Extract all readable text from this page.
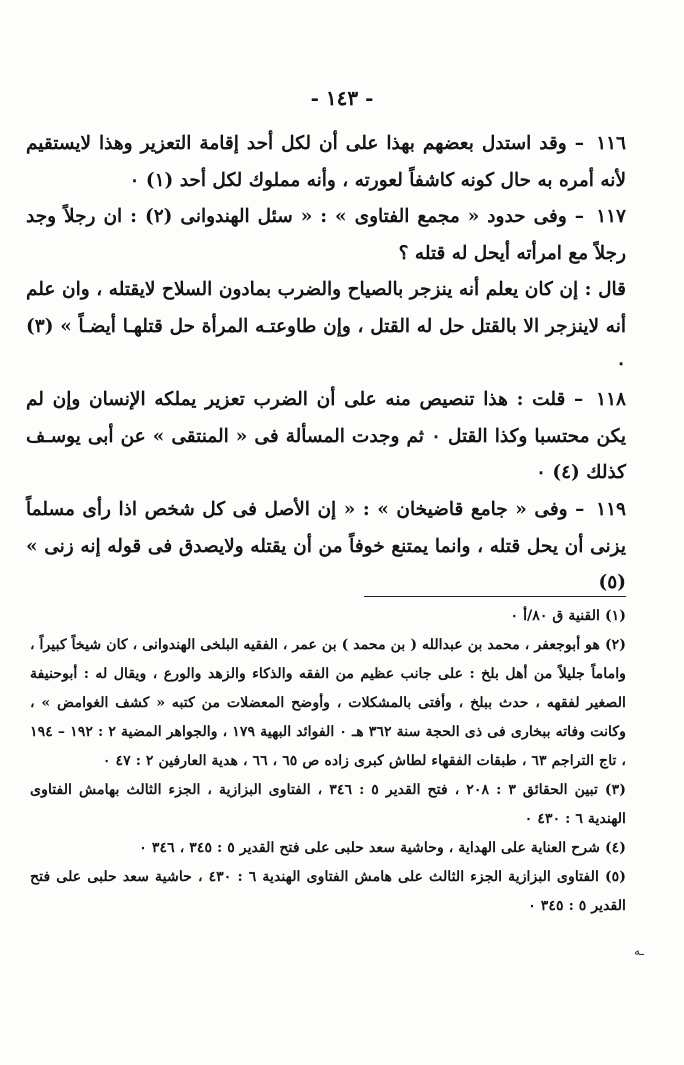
- ١٤٣ -

١١٦ – وقد استدل بعضهم بهذا على أن لكل أحد إقامة التعزير وهذا لايستقيم لأنه أمره به حال كونه كاشفاً لعورته ، وأنه مملوك لكل أحد (١) ٠

١١٧ – وفى حدود « مجمع الفتاوى » : « سئل الهندوانى (٢) : ان رجلاً وجد رجلاً مع امرأته أيحل له قتله ؟

قال : إن كان يعلم أنه ينزجر بالصياح والضرب بمادون السلاح لايقتله ، وان علم أنه لاينزجر الا بالقتل حل له القتل ، وإن طاوعتـه المرأة حل قتلهـا أيضـاً » (٣) ٠

١١٨ – قلت : هذا تنصيص منه على أن الضرب تعزير يملكه الإنسان وإن لم يكن محتسبا وكذا القتل ٠ ثم وجدت المسألة فى « المنتقى » عن أبى يوسـف كذلك (٤) ٠

١١٩ – وفى « جامع قاضيخان » : « إن الأصل فى كل شخص اذا رأى مسلماً يزنى أن يحل قتله ، وانما يمتنع خوفاً من أن يقتله ولايصدق فى قوله إنه زنى » (٥)

(١) القنية ق ٨٠/أ ٠

(٢) هو أبوجعفر ، محمد بن عبدالله ( بن محمد ) بن عمر ، الفقيه البلخى الهندوانى ، كان شيخاً كبيراً ، واماماً جليلاً من أهل بلخ : على جانب عظيم من الفقه والذكاء والزهد والورع ، ويقال له : أبوحنيفة الصغير لفقهه ، حدث ببلخ ، وأفتى بالمشكلات ، وأوضح المعضلات من كتبه « كشف الغوامض » ، وكانت وفاته ببخارى فى ذى الحجة سنة ٣٦٢ هـ ٠ الفوائد البهية ١٧٩ ، والجواهر المضية ٢ : ١٩٢ – ١٩٤ ، تاج التراجم ٦٣ ، طبقات الفقهاء لطاش كبرى زاده ص ٦٥ ، ٦٦ ، هدية العارفين ٢ : ٤٧ ٠

(٣) تبين الحقائق ٣ : ٢٠٨ ، فتح القدير ٥ : ٣٤٦ ، الفتاوى البزازية ، الجزء الثالث بهامش الفتاوى الهندية ٦ : ٤٣٠ ٠

(٤) شرح العناية على الهداية ، وحاشية سعد حلبى على فتح القدير ٥ : ٣٤٥ ، ٣٤٦ ٠

(٥) الفتاوى البزازية الجزء الثالث على هامش الفتاوى الهندية ٦ : ٤٣٠ ، حاشية سعد حلبى على فتح القدير ٥ : ٣٤٥ ٠

ـه
